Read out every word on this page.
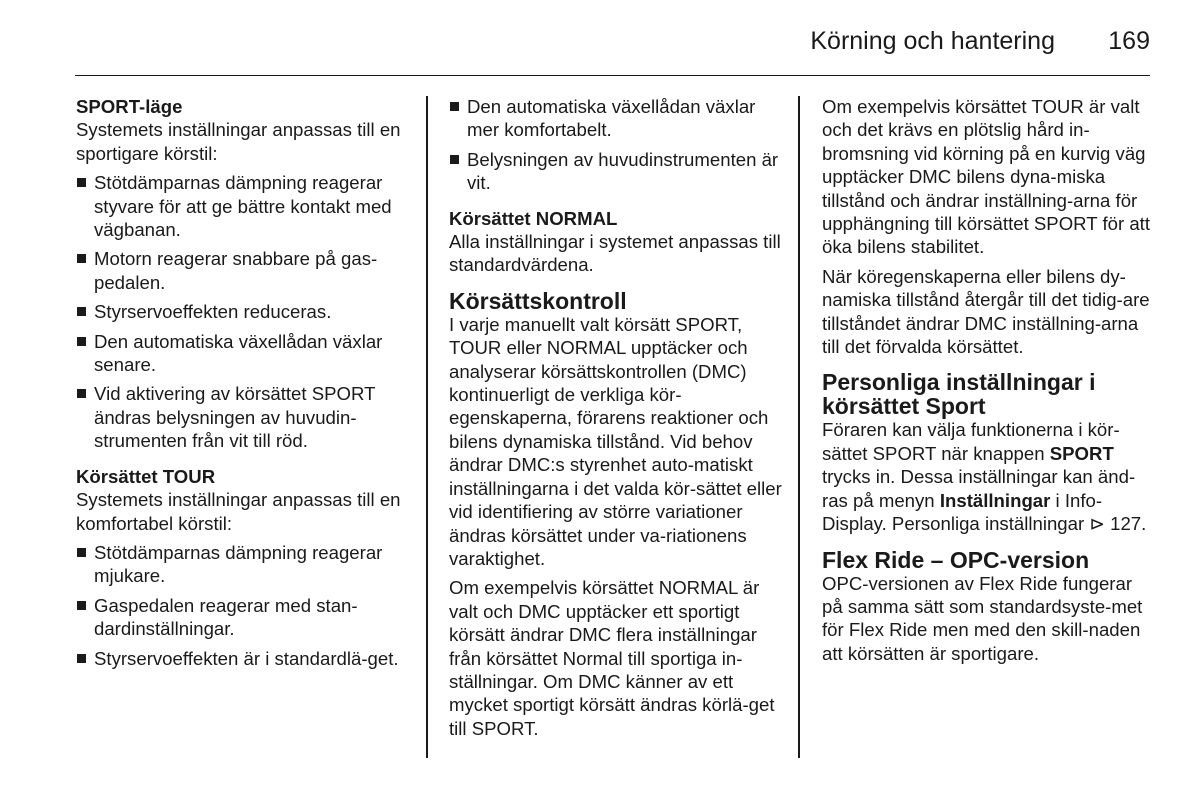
Körning och hantering 169
SPORT-läge
Systemets inställningar anpassas till en sportigare körstil:
Stötdämparnas dämpning reagerar styvare för att ge bättre kontakt med vägbanan.
Motorn reagerar snabbare på gas-pedalen.
Styrservoeffekten reduceras.
Den automatiska växellådan växlar senare.
Vid aktivering av körsättet SPORT ändras belysningen av huvudin-strumenten från vit till röd.
Körsättet TOUR
Systemets inställningar anpassas till en komfortabel körstil:
Stötdämparnas dämpning reagerar mjukare.
Gaspedalen reagerar med stan-dardinställningar.
Styrservoeffekten är i standardlä-get.
Den automatiska växellådan växlar mer komfortabelt.
Belysningen av huvudinstrumenten är vit.
Körsättet NORMAL
Alla inställningar i systemet anpassas till standardvärdena.
Körsättskontroll
I varje manuellt valt körsätt SPORT, TOUR eller NORMAL upptäcker och analyserar körsättskontrollen (DMC) kontinuerligt de verkliga kör-egenskaperna, förarens reaktioner och bilens dynamiska tillstånd. Vid behov ändrar DMC:s styrenhet auto-matiskt inställningarna i det valda kör-sättet eller vid identifiering av större variationer ändras körsättet under va-riationens varaktighet.
Om exempelvis körsättet NORMAL är valt och DMC upptäcker ett sportigt körsätt ändrar DMC flera inställningar från körsättet Normal till sportiga in-ställningar. Om DMC känner av ett mycket sportigt körsätt ändras körlä-get till SPORT.
Om exempelvis körsättet TOUR är valt och det krävs en plötslig hård in-bromsning vid körning på en kurvig väg upptäcker DMC bilens dyna-miska tillstånd och ändrar inställning-arna för upphängning till körsättet SPORT för att öka bilens stabilitet.
När köregenskaperna eller bilens dy-namiska tillstånd återgår till det tidig-are tillståndet ändrar DMC inställning-arna till det förvalda körsättet.
Personliga inställningar i körsättet Sport
Föraren kan välja funktionerna i kör-sättet SPORT när knappen SPORT trycks in. Dessa inställningar kan änd-ras på menyn Inställningar i Info-Display. Personliga inställningar ⊳ 127.
Flex Ride – OPC-version
OPC-versionen av Flex Ride fungerar på samma sätt som standardsyste-met för Flex Ride men med den skill-naden att körsätten är sportigare.
